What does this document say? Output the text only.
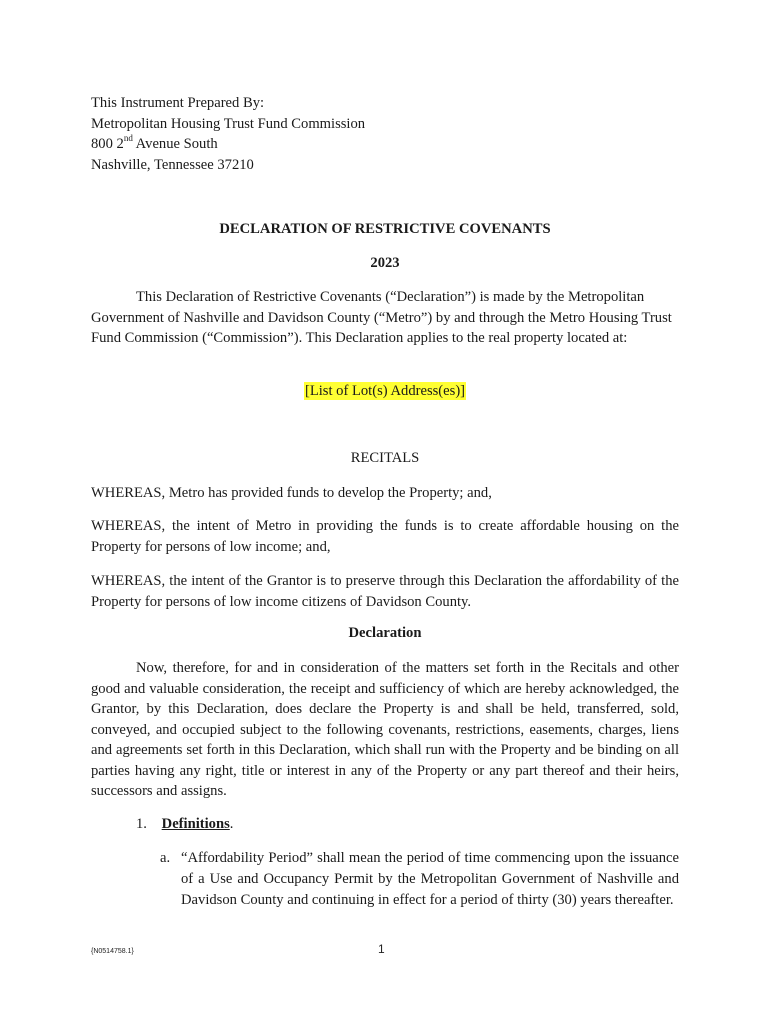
This Instrument Prepared By:
Metropolitan Housing Trust Fund Commission
800 2nd Avenue South
Nashville, Tennessee 37210
DECLARATION OF RESTRICTIVE COVENANTS
2023

This Declaration of Restrictive Covenants (“Declaration”) is made by the Metropolitan Government of Nashville and Davidson County (“Metro”) by and through the Metro Housing Trust Fund Commission (“Commission”). This Declaration applies to the real property located at:

[List of Lot(s) Address(es)]
RECITALS

WHEREAS, Metro has provided funds to develop the Property; and,

WHEREAS, the intent of Metro in providing the funds is to create affordable housing on the Property for persons of low income; and,

WHEREAS, the intent of the Grantor is to preserve through this Declaration the affordability of the Property for persons of low income citizens of Davidson County.

Declaration

Now, therefore, for and in consideration of the matters set forth in the Recitals and other good and valuable consideration, the receipt and sufficiency of which are hereby acknowledged, the Grantor, by this Declaration, does declare the Property is and shall be held, transferred, sold, conveyed, and occupied subject to the following covenants, restrictions, easements, charges, liens and agreements set forth in this Declaration, which shall run with the Property and be binding on all parties having any right, title or interest in any of the Property or any part thereof and their heirs, successors and assigns.

1. Definitions.
a. “Affordability Period” shall mean the period of time commencing upon the issuance of a Use and Occupancy Permit by the Metropolitan Government of Nashville and Davidson County and continuing in effect for a period of thirty (30) years thereafter.

{N0514758.1}	1
